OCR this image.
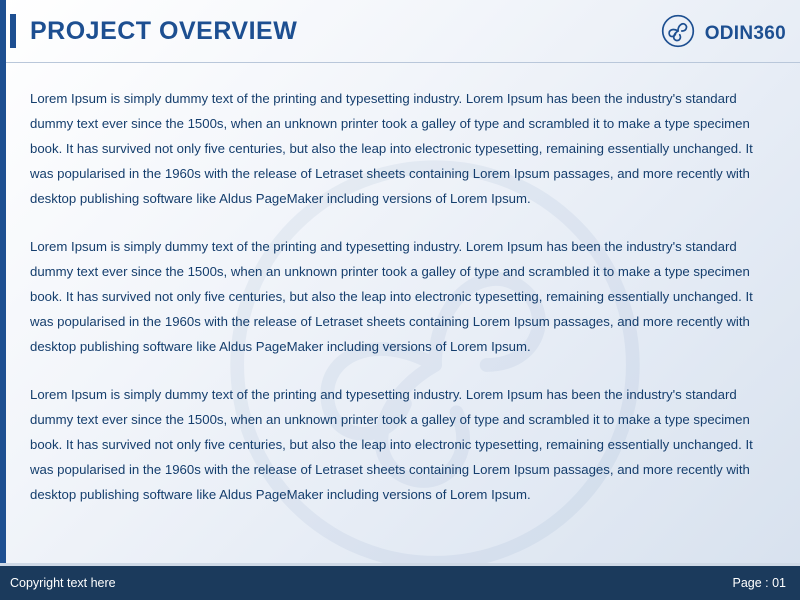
PROJECT OVERVIEW	ODIN360

Lorem Ipsum is simply dummy text of the printing and typesetting industry. Lorem Ipsum has been the industry's standard dummy text ever since the 1500s, when an unknown printer took a galley of type and scrambled it to make a type specimen book. It has survived not only five centuries, but also the leap into electronic typesetting, remaining essentially unchanged. It was popularised in the 1960s with the release of Letraset sheets containing Lorem Ipsum passages, and more recently with desktop publishing software like Aldus PageMaker including versions of Lorem Ipsum.

Lorem Ipsum is simply dummy text of the printing and typesetting industry. Lorem Ipsum has been the industry's standard dummy text ever since the 1500s, when an unknown printer took a galley of type and scrambled it to make a type specimen book. It has survived not only five centuries, but also the leap into electronic typesetting, remaining essentially unchanged. It was popularised in the 1960s with the release of Letraset sheets containing Lorem Ipsum passages, and more recently with desktop publishing software like Aldus PageMaker including versions of Lorem Ipsum.

Lorem Ipsum is simply dummy text of the printing and typesetting industry. Lorem Ipsum has been the industry's standard dummy text ever since the 1500s, when an unknown printer took a galley of type and scrambled it to make a type specimen book. It has survived not only five centuries, but also the leap into electronic typesetting, remaining essentially unchanged. It was popularised in the 1960s with the release of Letraset sheets containing Lorem Ipsum passages, and more recently with desktop publishing software like Aldus PageMaker including versions of Lorem Ipsum.

Copyright text here	Page : 01
